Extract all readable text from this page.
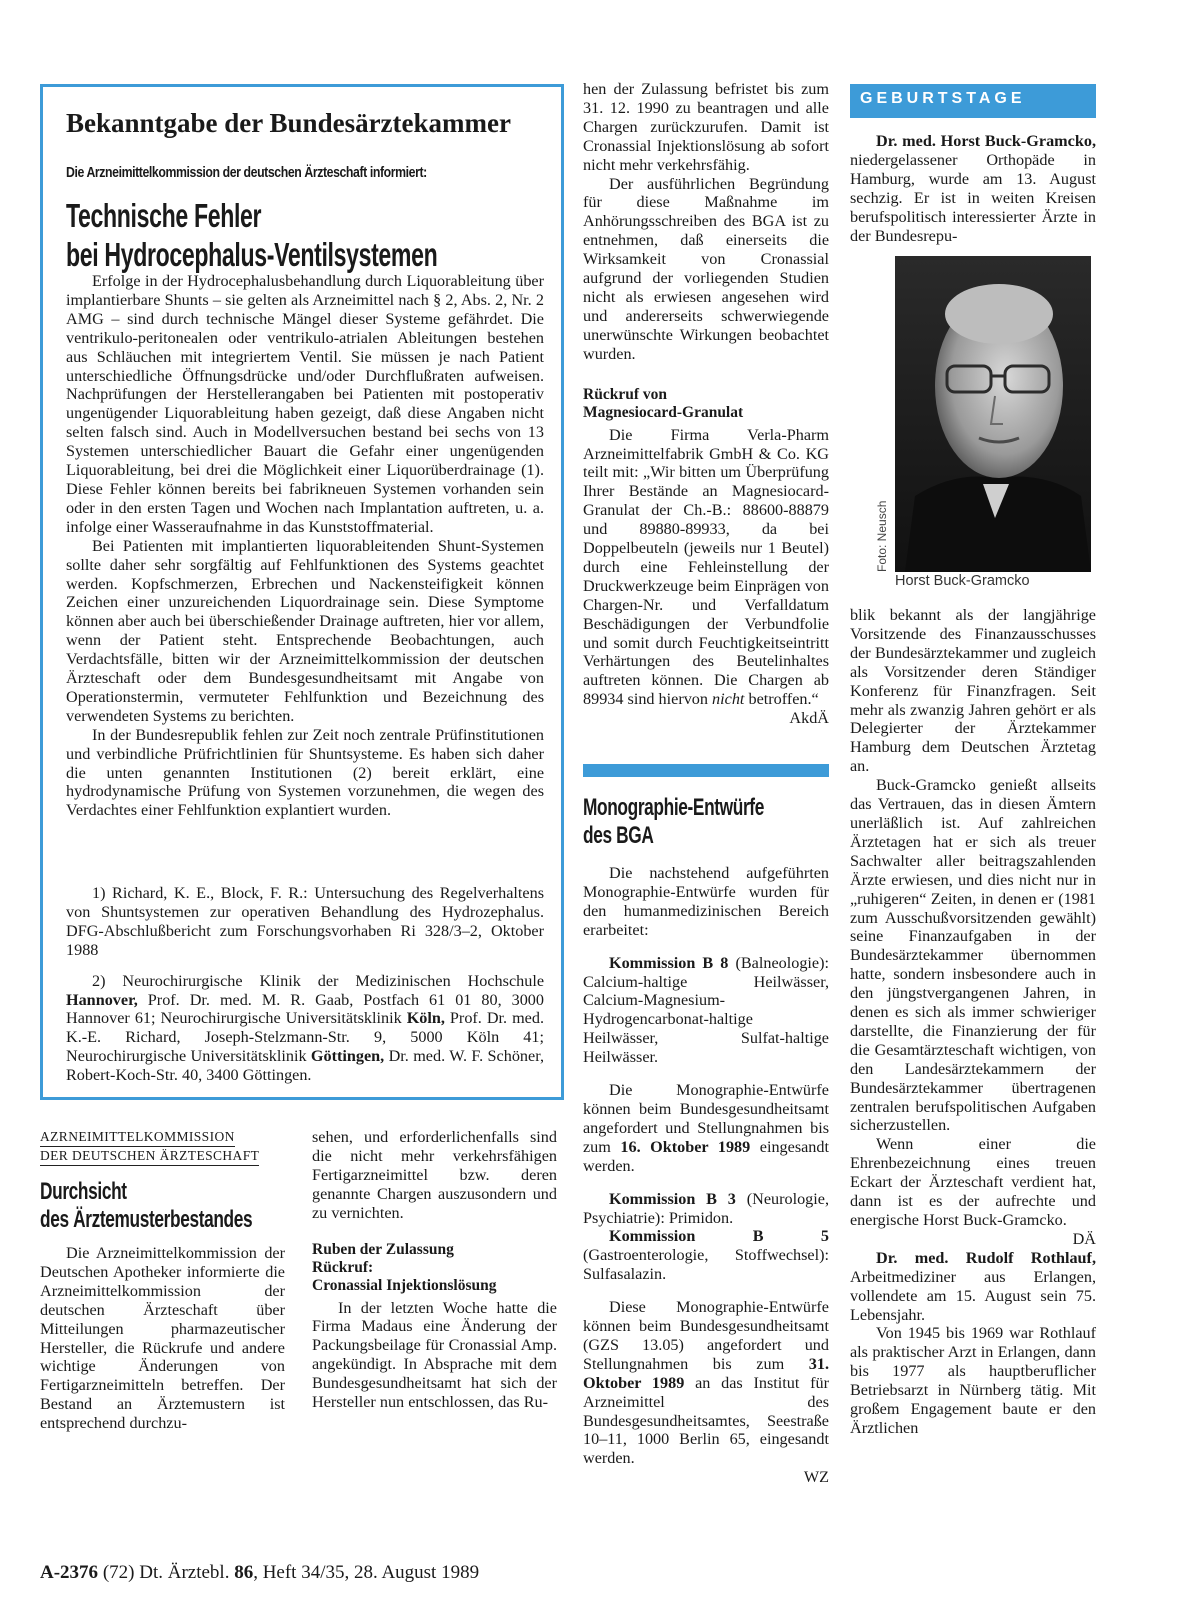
Bekanntgabe der Bundesärztekammer
Die Arzneimittelkommission der deutschen Ärzteschaft informiert:
Technische Fehler
bei Hydrocephalus-Ventilsystemen

Erfolge in der Hydrocephalusbehandlung durch Liquorableitung über implantierbare Shunts – sie gelten als Arzneimittel nach § 2, Abs. 2, Nr. 2 AMG – sind durch technische Mängel dieser Systeme gefährdet. Die ventrikulo-peritonealen oder ventrikulo-atrialen Ableitungen bestehen aus Schläuchen mit integriertem Ventil. Sie müssen je nach Patient unterschiedliche Öffnungsdrücke und/oder Durchflußraten aufweisen. Nachprüfungen der Herstellerangaben bei Patienten mit postoperativ ungenügender Liquorableitung haben gezeigt, daß diese Angaben nicht selten falsch sind. Auch in Modellversuchen bestand bei sechs von 13 Systemen unterschiedlicher Bauart die Gefahr einer ungenügenden Liquorableitung, bei drei die Möglichkeit einer Liquorüberdrainage (1). Diese Fehler können bereits bei fabrikneuen Systemen vorhanden sein oder in den ersten Tagen und Wochen nach Implantation auftreten, u. a. infolge einer Wasseraufnahme in das Kunststoffmaterial.

Bei Patienten mit implantierten liquorableitenden Shunt-Systemen sollte daher sehr sorgfältig auf Fehlfunktionen des Systems geachtet werden. Kopfschmerzen, Erbrechen und Nackensteifigkeit können Zeichen einer unzureichenden Liquordrainage sein. Diese Symptome können aber auch bei überschießender Drainage auftreten, hier vor allem, wenn der Patient steht. Entsprechende Beobachtungen, auch Verdachtsfälle, bitten wir der Arzneimittelkommission der deutschen Ärzteschaft oder dem Bundesgesundheitsamt mit Angabe von Operationstermin, vermuteter Fehlfunktion und Bezeichnung des verwendeten Systems zu berichten.

In der Bundesrepublik fehlen zur Zeit noch zentrale Prüfinstitutionen und verbindliche Prüfrichtlinien für Shuntsysteme. Es haben sich daher die unten genannten Institutionen (2) bereit erklärt, eine hydrodynamische Prüfung von Systemen vorzunehmen, die wegen des Verdachtes einer Fehlfunktion explantiert wurden.

1) Richard, K. E., Block, F. R.: Untersuchung des Regelverhaltens von Shuntsystemen zur operativen Behandlung des Hydrozephalus. DFG-Abschlußbericht zum Forschungsvorhaben Ri 328/3–2, Oktober 1988

2) Neurochirurgische Klinik der Medizinischen Hochschule Hannover, Prof. Dr. med. M. R. Gaab, Postfach 61 01 80, 3000 Hannover 61; Neurochirurgische Universitätsklinik Köln, Prof. Dr. med. K.-E. Richard, Joseph-Stelzmann-Str. 9, 5000 Köln 41; Neurochirurgische Universitätsklinik Göttingen, Dr. med. W. F. Schöner, Robert-Koch-Str. 40, 3400 Göttingen.

AZRNEIMITTELKOMMISSION
DER DEUTSCHEN ÄRZTESCHAFT
Durchsicht
des Ärztemusterbestandes

Die Arzneimittelkommission der Deutschen Apotheker informierte die Arzneimittelkommission der deutschen Ärzteschaft über Mitteilungen pharmazeutischer Hersteller, die Rückrufe und andere wichtige Änderungen von Fertigarzneimitteln betreffen. Der Bestand an Ärztemustern ist entsprechend durchzu-

sehen, und erforderlichenfalls sind die nicht mehr verkehrsfähigen Fertigarzneimittel bzw. deren genannte Chargen auszusondern und zu vernichten.

Ruben der Zulassung
Rückruf:
Cronassial Injektionslösung

In der letzten Woche hatte die Firma Madaus eine Änderung der Packungsbeilage für Cronassial Amp. angekündigt. In Absprache mit dem Bundesgesundheitsamt hat sich der Hersteller nun entschlossen, das Ru-

hen der Zulassung befristet bis zum 31. 12. 1990 zu beantragen und alle Chargen zurückzurufen. Damit ist Cronassial Injektionslösung ab sofort nicht mehr verkehrsfähig.

Der ausführlichen Begründung für diese Maßnahme im Anhörungsschreiben des BGA ist zu entnehmen, daß einerseits die Wirksamkeit von Cronassial aufgrund der vorliegenden Studien nicht als erwiesen angesehen wird und andererseits schwerwiegende unerwünschte Wirkungen beobachtet wurden.

Rückruf von
Magnesiocard-Granulat

Die Firma Verla-Pharm Arzneimittelfabrik GmbH & Co. KG teilt mit: „Wir bitten um Überprüfung Ihrer Bestände an Magnesiocard-Granulat der Ch.-B.: 88600-88879 und 89880-89933, da bei Doppelbeuteln (jeweils nur 1 Beutel) durch eine Fehleinstellung der Druckwerkzeuge beim Einprägen von Chargen-Nr. und Verfalldatum Beschädigungen der Verbundfolie und somit durch Feuchtigkeitseintritt Verhärtungen des Beutelinhaltes auftreten können. Die Chargen ab 89934 sind hiervon nicht betroffen.“

AkdÄ

Monographie-Entwürfe
des BGA

Die nachstehend aufgeführten Monographie-Entwürfe wurden für den humanmedizinischen Bereich erarbeitet:

Kommission B 8 (Balneologie): Calcium-haltige Heilwässer, Calcium-Magnesium-Hydrogencarbonat-haltige Heilwässer, Sulfat-haltige Heilwässer.

Die Monographie-Entwürfe können beim Bundesgesundheitsamt angefordert und Stellungnahmen bis zum 16. Oktober 1989 eingesandt werden.

Kommission B 3 (Neurologie, Psychiatrie): Primidon.

Kommission B 5 (Gastroenterologie, Stoffwechsel): Sulfasalazin.

Diese Monographie-Entwürfe können beim Bundesgesundheitsamt (GZS 13.05) angefordert und Stellungnahmen bis zum 31. Oktober 1989 an das Institut für Arzneimittel des Bundesgesundheitsamtes, Seestraße 10–11, 1000 Berlin 65, eingesandt werden.

WZ

GEBURTSTAGE

Dr. med. Horst Buck-Gramcko, niedergelassener Orthopäde in Hamburg, wurde am 13. August sechzig. Er ist in weiten Kreisen berufspolitisch interessierter Ärzte in der Bundesrepu-

Foto: Neusch
Horst Buck-Gramcko

blik bekannt als der langjährige Vorsitzende des Finanzausschusses der Bundesärztekammer und zugleich als Vorsitzender deren Ständiger Konferenz für Finanzfragen. Seit mehr als zwanzig Jahren gehört er als Delegierter der Ärztekammer Hamburg dem Deutschen Ärztetag an.

Buck-Gramcko genießt allseits das Vertrauen, das in diesen Ämtern unerläßlich ist. Auf zahlreichen Ärztetagen hat er sich als treuer Sachwalter aller beitragszahlenden Ärzte erwiesen, und dies nicht nur in „ruhigeren“ Zeiten, in denen er (1981 zum Ausschußvorsitzenden gewählt) seine Finanzaufgaben in der Bundesärztekammer übernommen hatte, sondern insbesondere auch in den jüngstvergangenen Jahren, in denen es sich als immer schwieriger darstellte, die Finanzierung der für die Gesamtärzteschaft wichtigen, von den Landesärztekammern der Bundesärztekammer übertragenen zentralen berufspolitischen Aufgaben sicherzustellen.

Wenn einer die Ehrenbezeichnung eines treuen Eckart der Ärzteschaft verdient hat, dann ist es der aufrechte und energische Horst Buck-Gramcko.

DÄ

Dr. med. Rudolf Rothlauf, Arbeitmediziner aus Erlangen, vollendete am 15. August sein 75. Lebensjahr.

Von 1945 bis 1969 war Rothlauf als praktischer Arzt in Erlangen, dann bis 1977 als hauptberuflicher Betriebsarzt in Nürnberg tätig. Mit großem Engagement baute er den Ärztlichen

A-2376 (72) Dt. Ärztebl. 86, Heft 34/35, 28. August 1989
